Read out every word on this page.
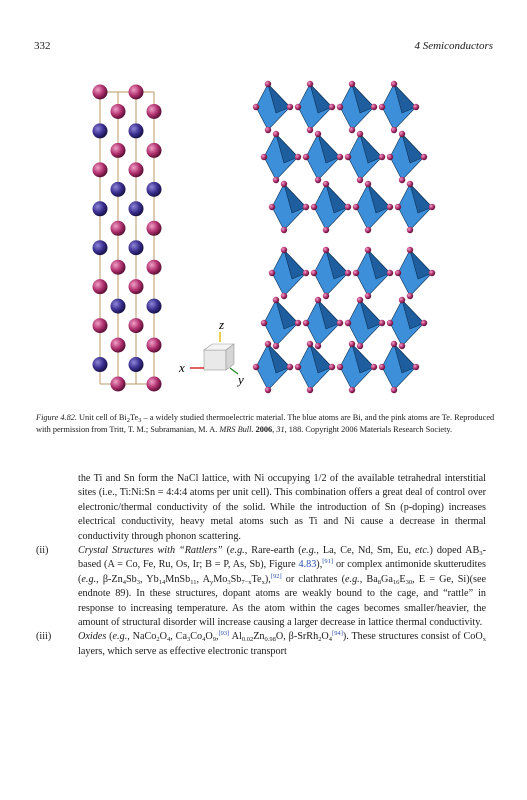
332	4 Semiconductors
z
x
y
Figure 4.82. Unit cell of $Bi_2Te_3$ – a widely studied thermoelectric material. The blue atoms are Bi, and the pink atoms are Te. Reproduced with permission from Tritt, T. M.; Subramanian, M. A. MRS Bull. 2006, 31, 188. Copyright 2006 Materials Research Society.

the Ti and Sn form the NaCl lattice, with Ni occupying 1/2 of the available tetrahedral interstitial sites (i.e., Ti:Ni:Sn = 4:4:4 atoms per unit cell). This combination offers a great deal of control over electronic/thermal conductivity of the solid. While the introduction of Sn (p-doping) increases electrical conductivity, heavy metal atoms such as Ti and Ni cause a decrease in thermal conductivity through phonon scattering.

(ii)	Crystal Structures with “Rattlers” (e.g., Rare-earth (e.g., La, Ce, Nd, Sm, Eu, etc.) doped $AB_3$-based (A = Co, Fe, Ru, Os, Ir; B = P, As, Sb), Figure 4.83),[91] or complex antimonide skutterudites (e.g., $\beta-Zn_4Sb_3$, $Yb_{14}MnSb_{11}$, $A_yMo_3Sb_{7-x}Te_x),[92]$ or clathrates (e.g., $Ba_8Ga_{16}E_{30}$, E = Ge, Si)(see endnote 89). In these structures, dopant atoms are weakly bound to the cage, and “rattle” in response to increasing temperature. As the atom within the cages becomes smaller/heavier, the amount of structural disorder will increase causing a larger decrease in lattice thermal conductivity.

(iii)	Oxides (e.g., $NaCo_2O_4$, $Ca_3Co_4O_9,[93]$ $Al_{0.02}Zn_{0.98}O$, $\beta-SrRh_2O_4[94]$). These structures consist of CoO$_x$ layers, which serve as effective electronic transport
